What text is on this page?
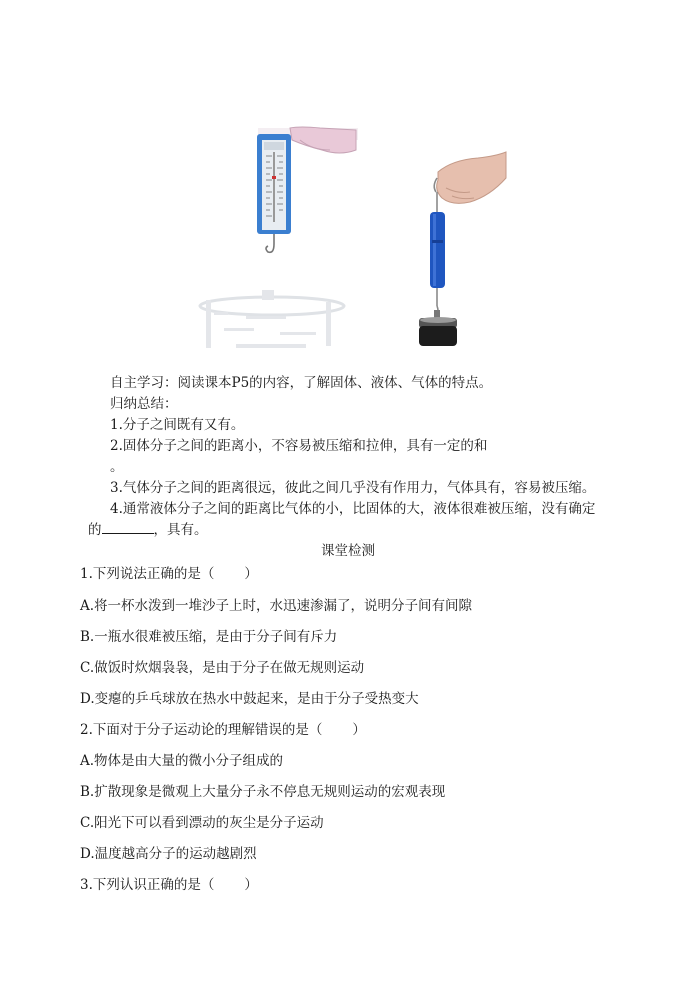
自主学习：阅读课本P5的内容，了解固体、液体、气体的特点。
归纳总结：
1.分子之间既有又有。
2.固体分子之间的距离小，不容易被压缩和拉伸，具有一定的和
。
3.气体分子之间的距离很远，彼此之间几乎没有作用力，气体具有，容易被压缩。
4.通常液体分子之间的距离比气体的小，比固体的大，液体很难被压缩，没有确定
的	，具有。
课堂检测
1.下列说法正确的是（ ）
A.将一杯水泼到一堆沙子上时，水迅速渗漏了，说明分子间有间隙
B.一瓶水很难被压缩，是由于分子间有斥力
C.做饭时炊烟袅袅，是由于分子在做无规则运动
D.变瘪的乒乓球放在热水中鼓起来，是由于分子受热变大
2.下面对于分子运动论的理解错误的是（ ）
A.物体是由大量的微小分子组成的
B.扩散现象是微观上大量分子永不停息无规则运动的宏观表现
C.阳光下可以看到漂动的灰尘是分子运动
D.温度越高分子的运动越剧烈
3.下列认识正确的是（ ）
